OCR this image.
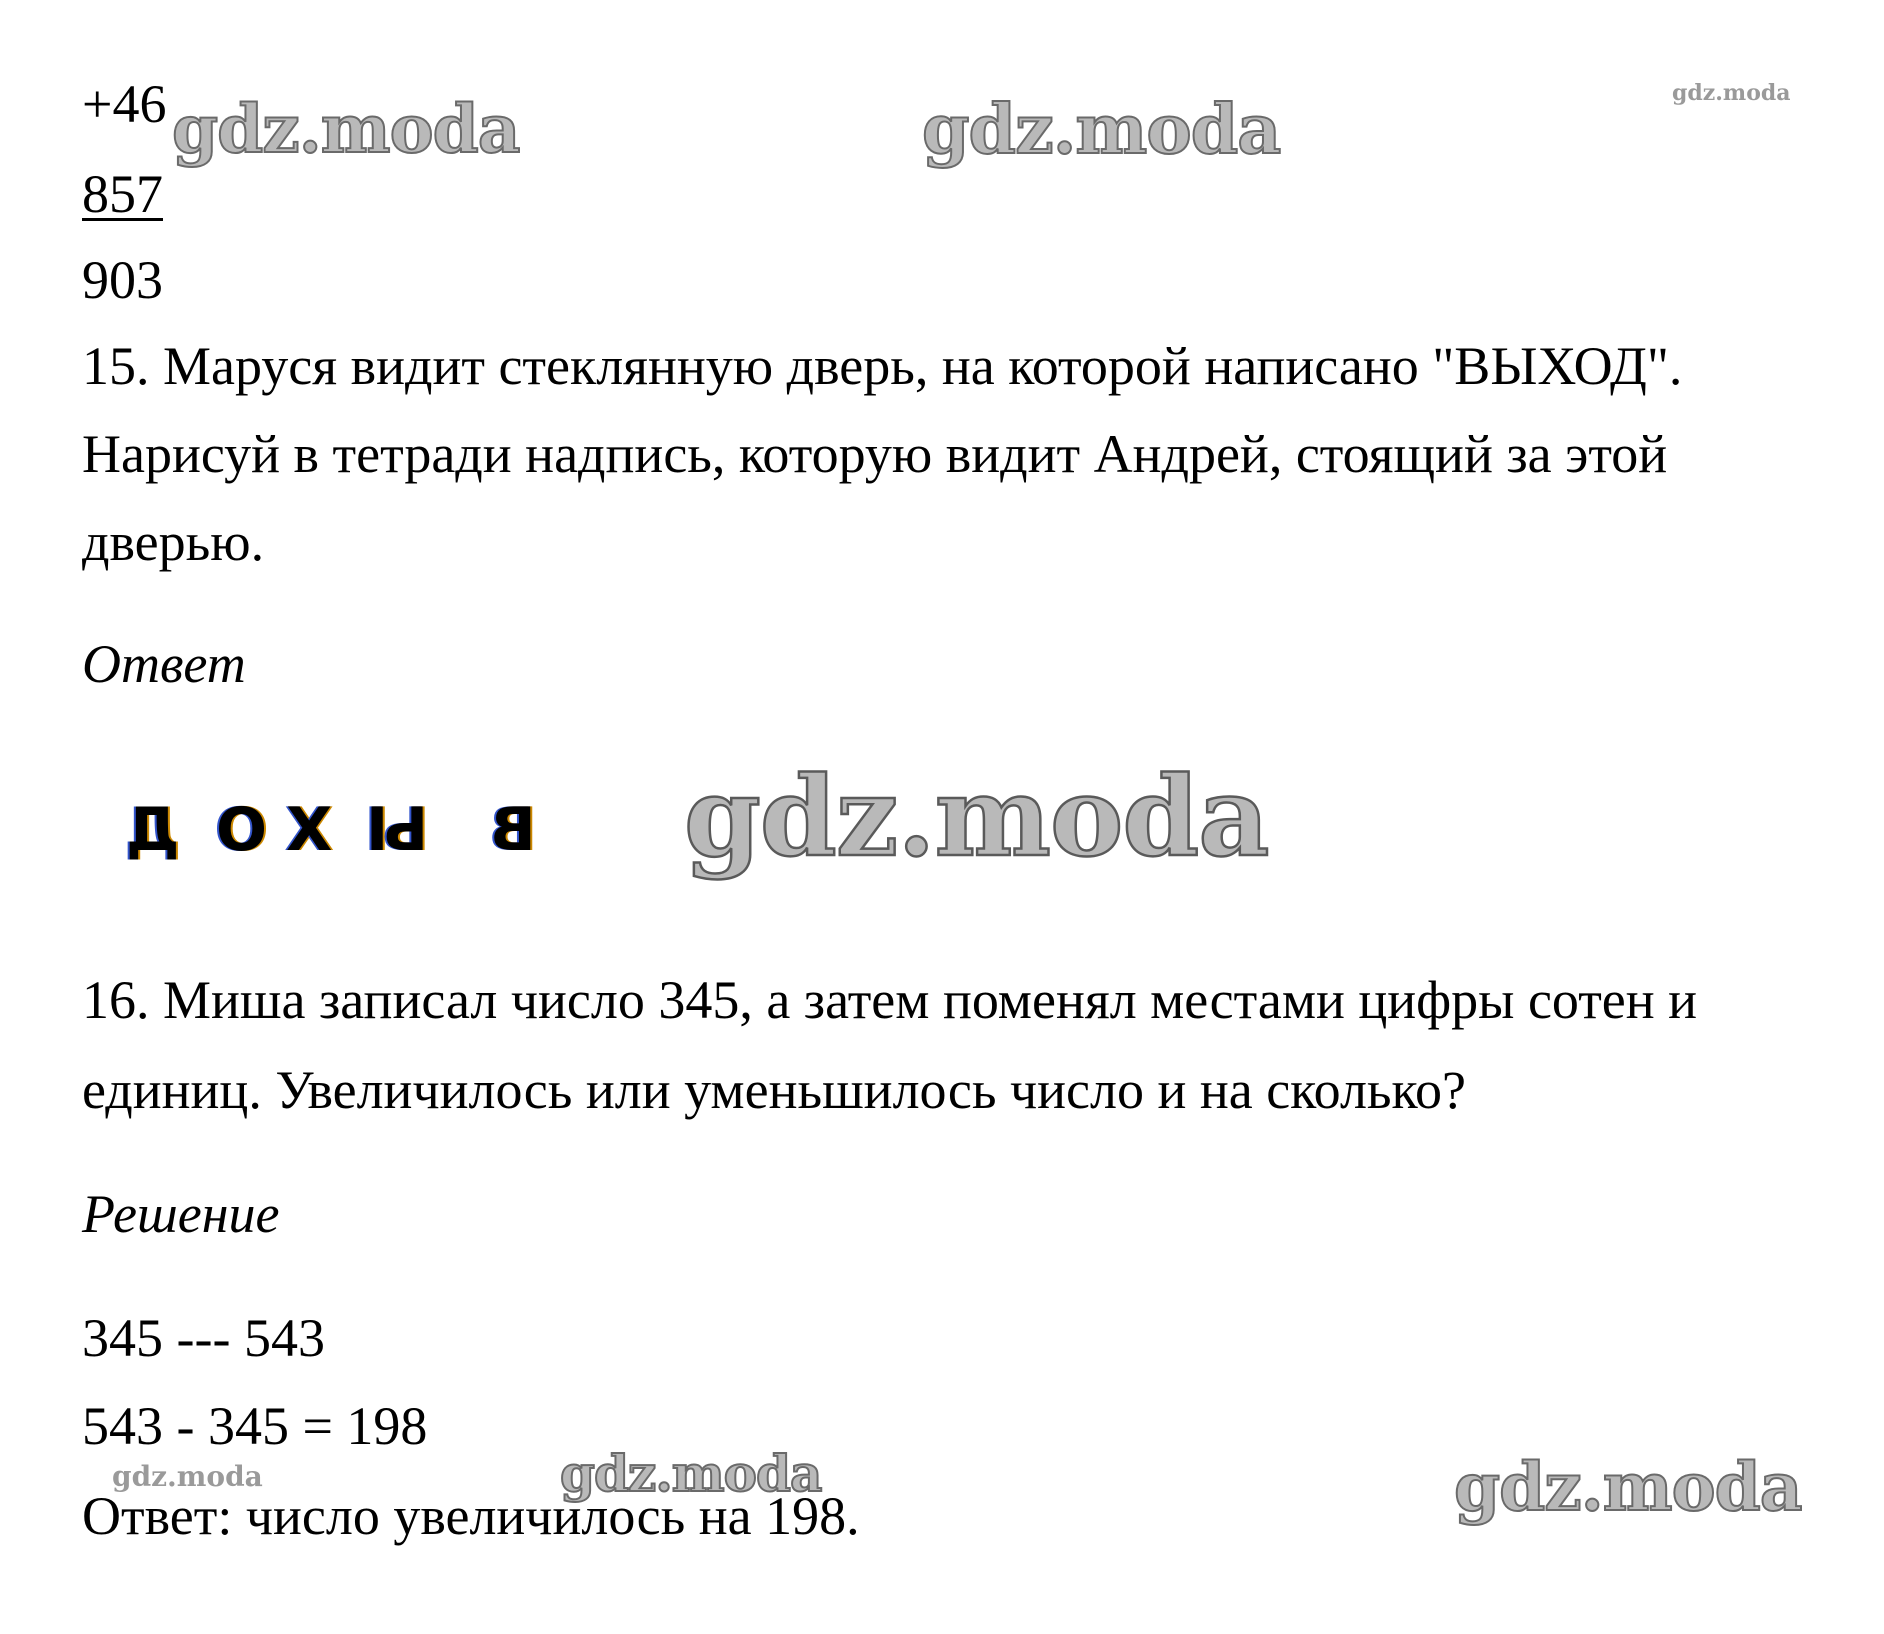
+46
857
903
15. Маруся видит стеклянную дверь, на которой написано "ВЫХОД".
Нарисуй в тетради надпись, которую видит Андрей, стоящий за этой
дверью.
Ответ
Д О Х Ы В
16. Миша записал число 345, а затем поменял местами цифры сотен и
единиц. Увеличилось или уменьшилось число и на сколько?
Решение
345 --- 543
543 - 345 = 198
Ответ: число увеличилось на 198.
gdz.moda	gdz.moda	gdz.moda
gdz.moda
gdz.moda	gdz.moda	gdz.moda
